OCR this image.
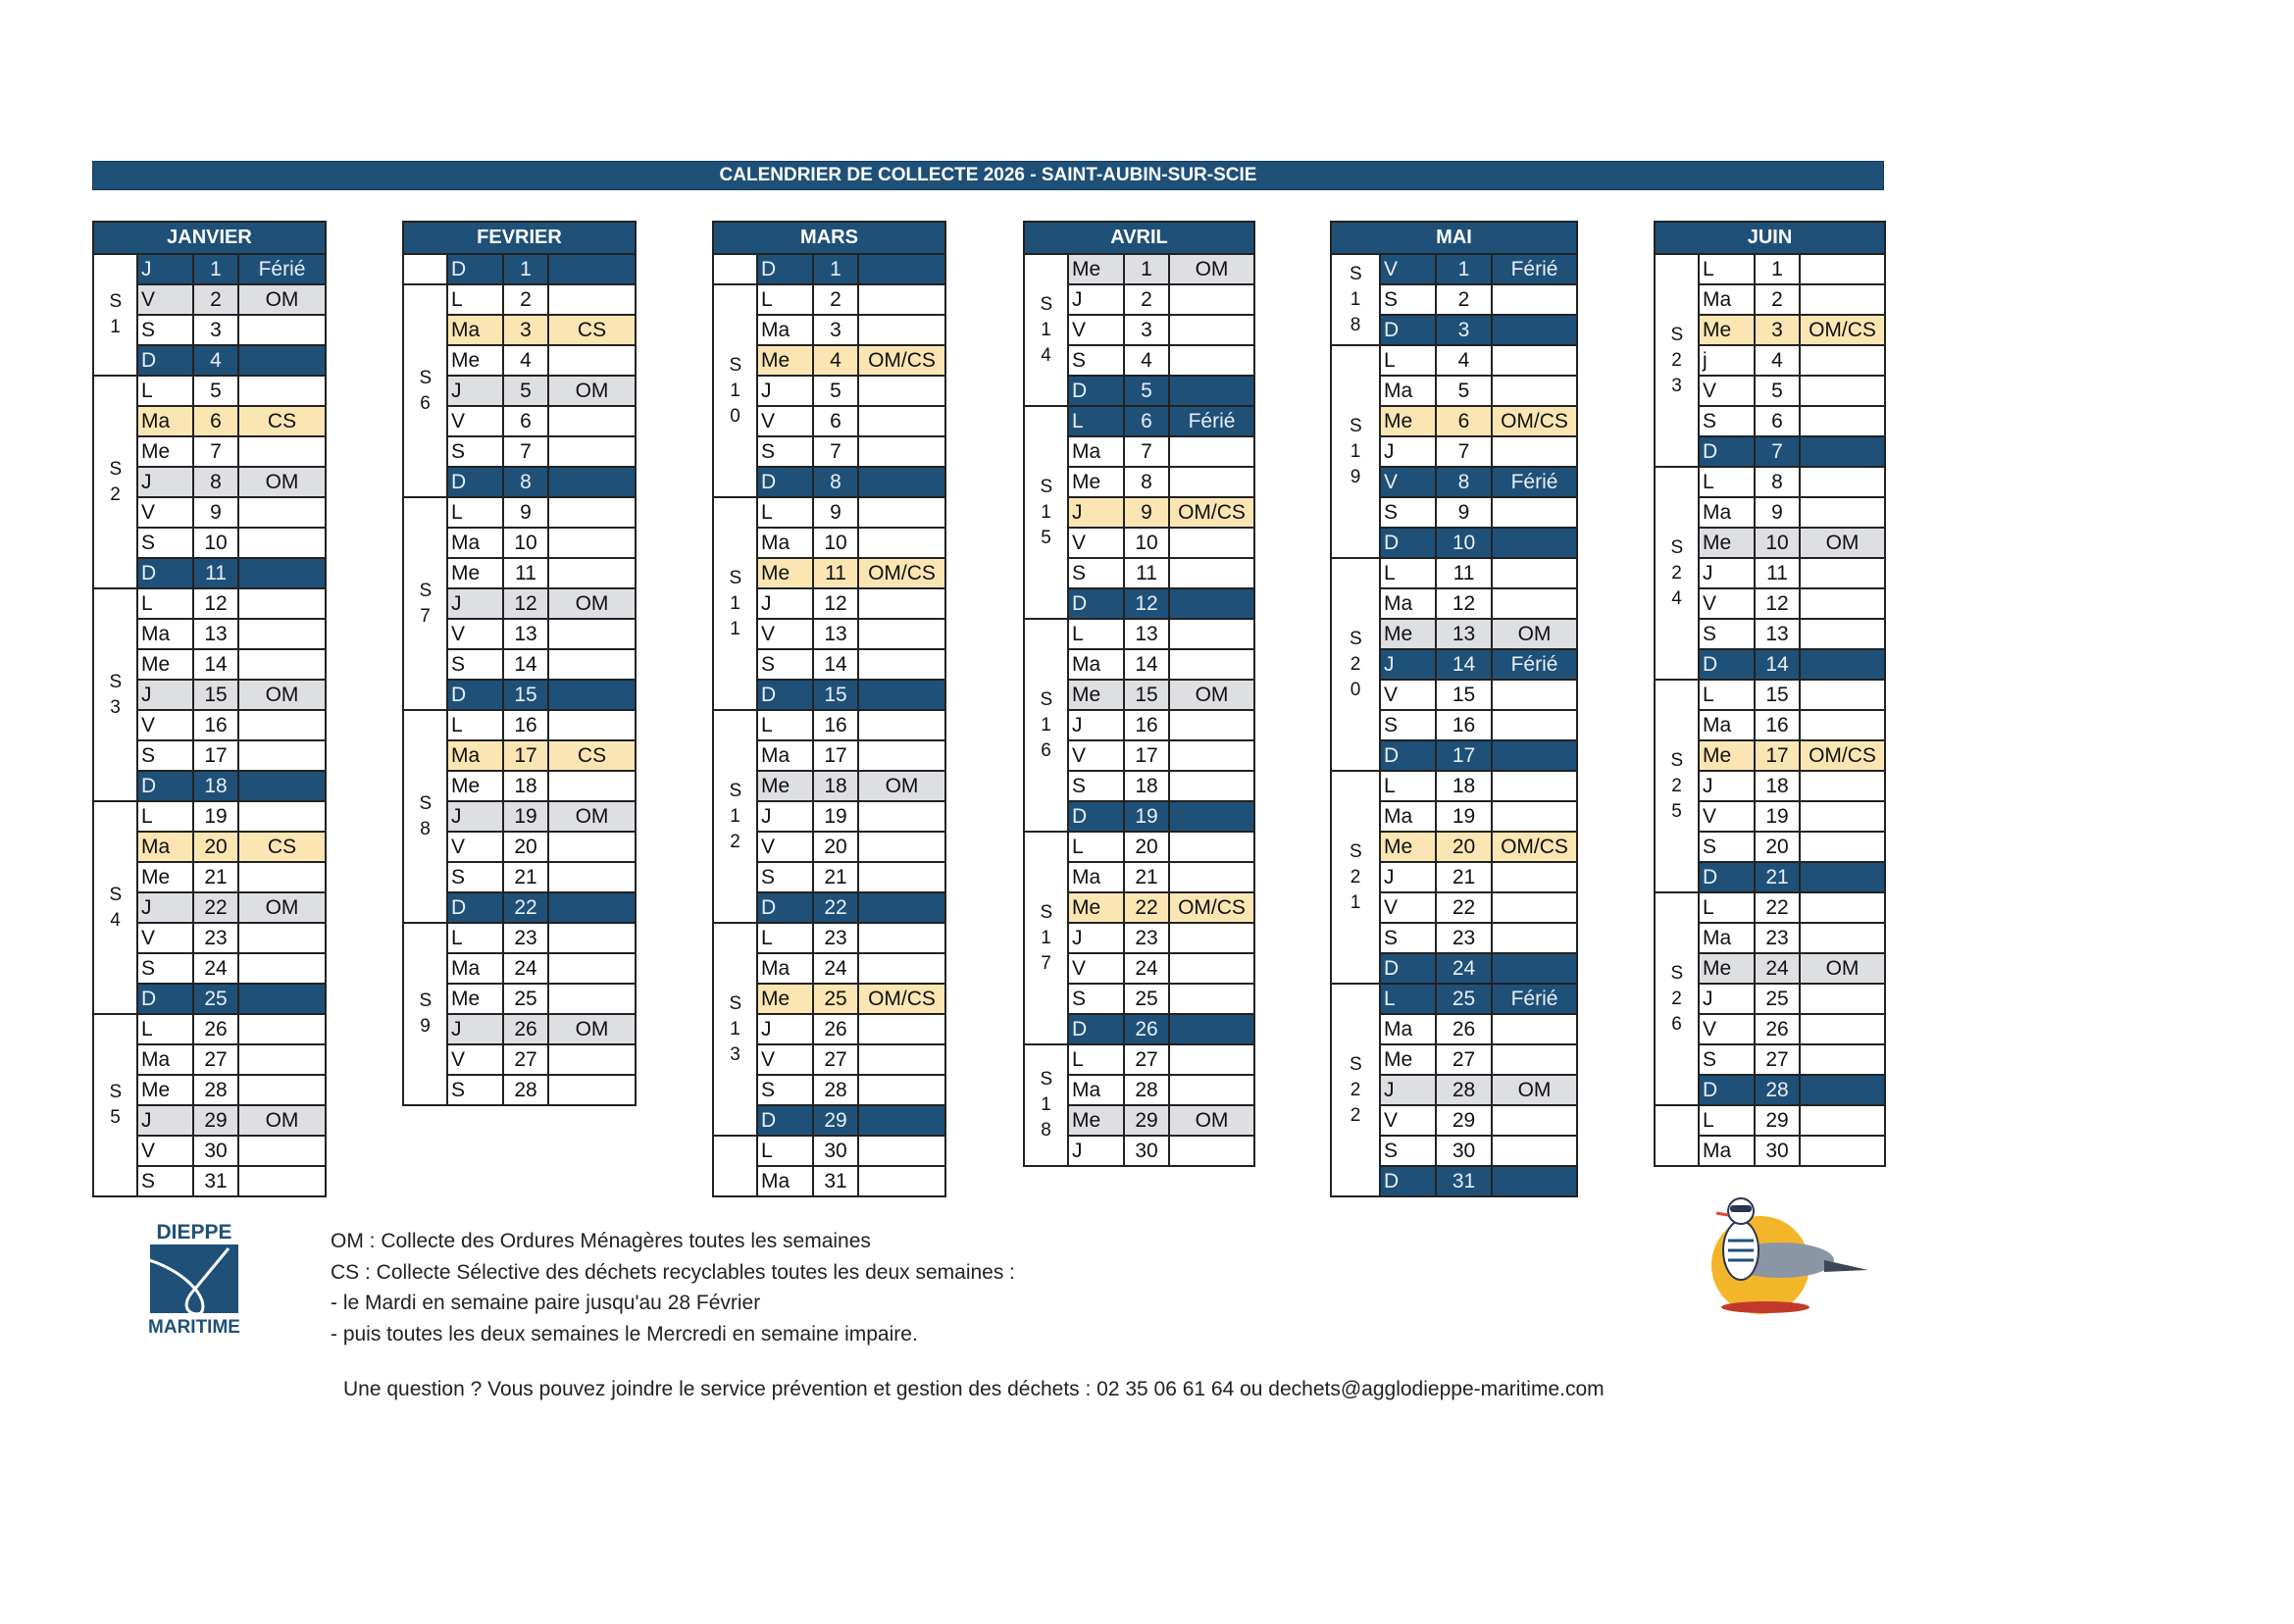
CALENDRIER DE COLLECTE 2026 - SAINT-AUBIN-SUR-SCIE
JANVIER			
S1	J	1	Férié
	V	2	OM
	S	3	
	D	4	
S2	L	5	
	Ma	6	CS
	Me	7	
	J	8	OM
	V	9	
	S	10	
	D	11	
S3	L	12	
	Ma	13	
	Me	14	
	J	15	OM
	V	16	
	S	17	
	D	18	
S4	L	19	
	Ma	20	CS
	Me	21	
	J	22	OM
	V	23	
	S	24	
	D	25	
S5	L	26	
	Ma	27	
	Me	28	
	J	29	OM
	V	30	
	S	31	
FEVRIER			
	D	1	
S6	L	2	
	Ma	3	CS
	Me	4	
	J	5	OM
	V	6	
	S	7	
	D	8	
S7	L	9	
	Ma	10	
	Me	11	
	J	12	OM
	V	13	
	S	14	
	D	15	
S8	L	16	
	Ma	17	CS
	Me	18	
	J	19	OM
	V	20	
	S	21	
	D	22	
S9	L	23	
	Ma	24	
	Me	25	
	J	26	OM
	V	27	
	S	28	
MARS			
	D	1	
S10	L	2	
	Ma	3	
	Me	4	OM/CS
	J	5	
	V	6	
	S	7	
	D	8	
S11	L	9	
	Ma	10	
	Me	11	OM/CS
	J	12	
	V	13	
	S	14	
	D	15	
S12	L	16	
	Ma	17	
	Me	18	OM
	J	19	
	V	20	
	S	21	
	D	22	
S13	L	23	
	Ma	24	
	Me	25	OM/CS
	J	26	
	V	27	
	S	28	
	D	29	
	L	30	
	Ma	31	
AVRIL			
S14	Me	1	OM
	J	2	
	V	3	
	S	4	
	D	5	
S15	L	6	Férié
	Ma	7	
	Me	8	
	J	9	OM/CS
	V	10	
	S	11	
	D	12	
S16	L	13	
	Ma	14	
	Me	15	OM
	J	16	
	V	17	
	S	18	
	D	19	
S17	L	20	
	Ma	21	
	Me	22	OM/CS
	J	23	
	V	24	
	S	25	
	D	26	
S18	L	27	
	Ma	28	
	Me	29	OM
	J	30	
MAI			
S18	V	1	Férié
	S	2	
	D	3	
S19	L	4	
	Ma	5	
	Me	6	OM/CS
	J	7	
	V	8	Férié
	S	9	
	D	10	
S20	L	11	
	Ma	12	
	Me	13	OM
	J	14	Férié
	V	15	
	S	16	
	D	17	
S21	L	18	
	Ma	19	
	Me	20	OM/CS
	J	21	
	V	22	
	S	23	
	D	24	
S22	L	25	Férié
	Ma	26	
	Me	27	
	J	28	OM
	V	29	
	S	30	
	D	31	
JUIN			
S23	L	1	
	Ma	2	
	Me	3	OM/CS
	j	4	
	V	5	
	S	6	
	D	7	
S24	L	8	
	Ma	9	
	Me	10	OM
	J	11	
	V	12	
	S	13	
	D	14	
S25	L	15	
	Ma	16	
	Me	17	OM/CS
	J	18	
	V	19	
	S	20	
	D	21	
S26	L	22	
	Ma	23	
	Me	24	OM
	J	25	
	V	26	
	S	27	
	D	28	
	L	29	
	Ma	30	
DIEPPE
MARITIME
OM : Collecte des Ordures Ménagères toutes les semaines
CS : Collecte Sélective des déchets recyclables toutes les deux semaines :
- le Mardi en semaine paire jusqu'au 28 Février
- puis toutes les deux semaines le Mercredi en semaine impaire.
Une question ? Vous pouvez joindre le service prévention et gestion des déchets : 02 35 06 61 64 ou dechets@agglodieppe-maritime.com
